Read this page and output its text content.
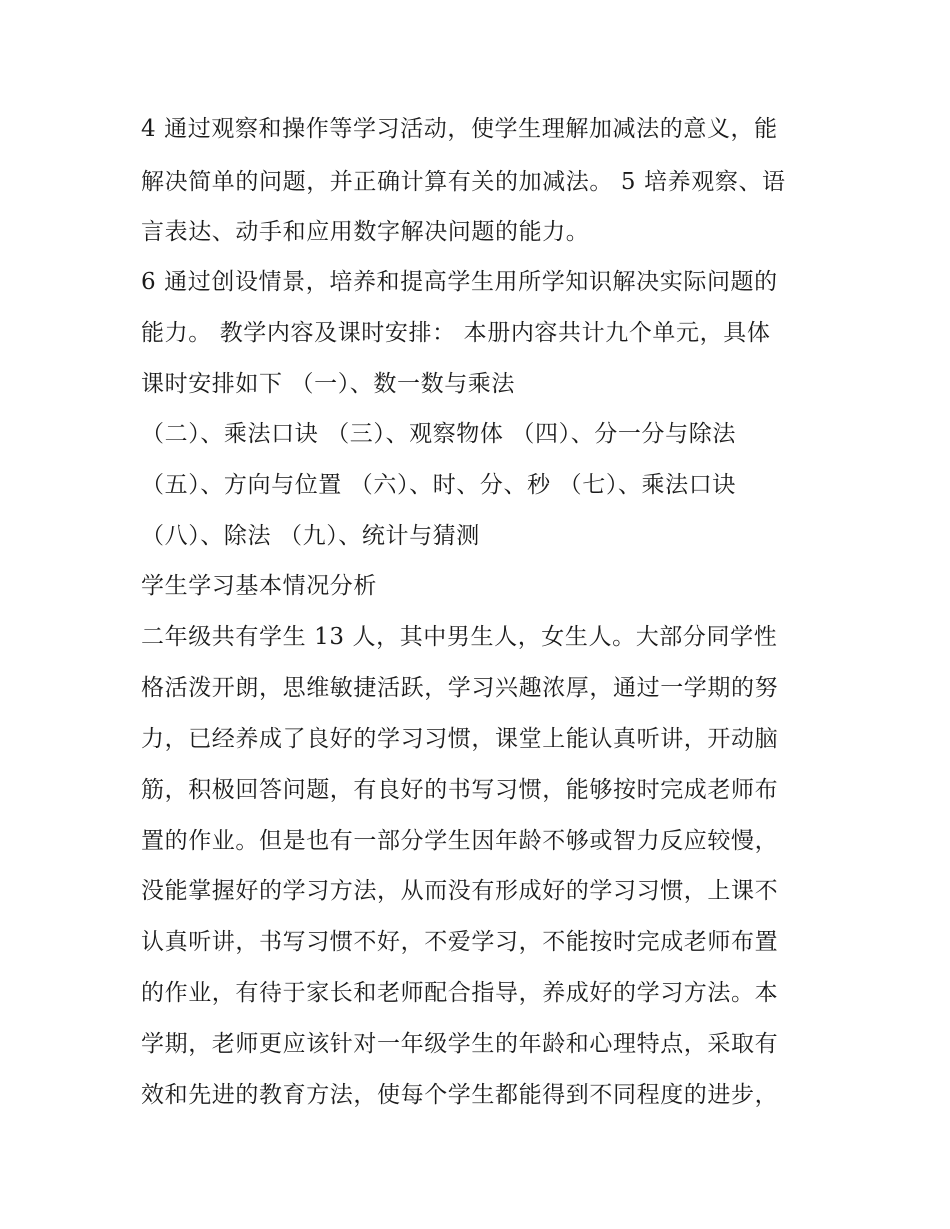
4 通过观察和操作等学习活动，使学生理解加减法的意义，能
解决简单的问题，并正确计算有关的加减法。 5 培养观察、语
言表达、动手和应用数字解决问题的能力。
6 通过创设情景，培养和提高学生用所学知识解决实际问题的
能力。 教学内容及课时安排： 本册内容共计九个单元，具体
课时安排如下 （一）、数一数与乘法
（二）、乘法口诀 （三）、观察物体 （四）、分一分与除法
（五）、方向与位置 （六）、时、分、秒 （七）、乘法口诀
（八）、除法 （九）、统计与猜测
学生学习基本情况分析
二年级共有学生 13 人，其中男生人，女生人。大部分同学性
格活泼开朗，思维敏捷活跃，学习兴趣浓厚，通过一学期的努
力，已经养成了良好的学习习惯，课堂上能认真听讲，开动脑
筋，积极回答问题，有良好的书写习惯，能够按时完成老师布
置的作业。但是也有一部分学生因年龄不够或智力反应较慢，
没能掌握好的学习方法，从而没有形成好的学习习惯，上课不
认真听讲，书写习惯不好，不爱学习，不能按时完成老师布置
的作业，有待于家长和老师配合指导，养成好的学习方法。本
学期，老师更应该针对一年级学生的年龄和心理特点，采取有
效和先进的教育方法，使每个学生都能得到不同程度的进步，
